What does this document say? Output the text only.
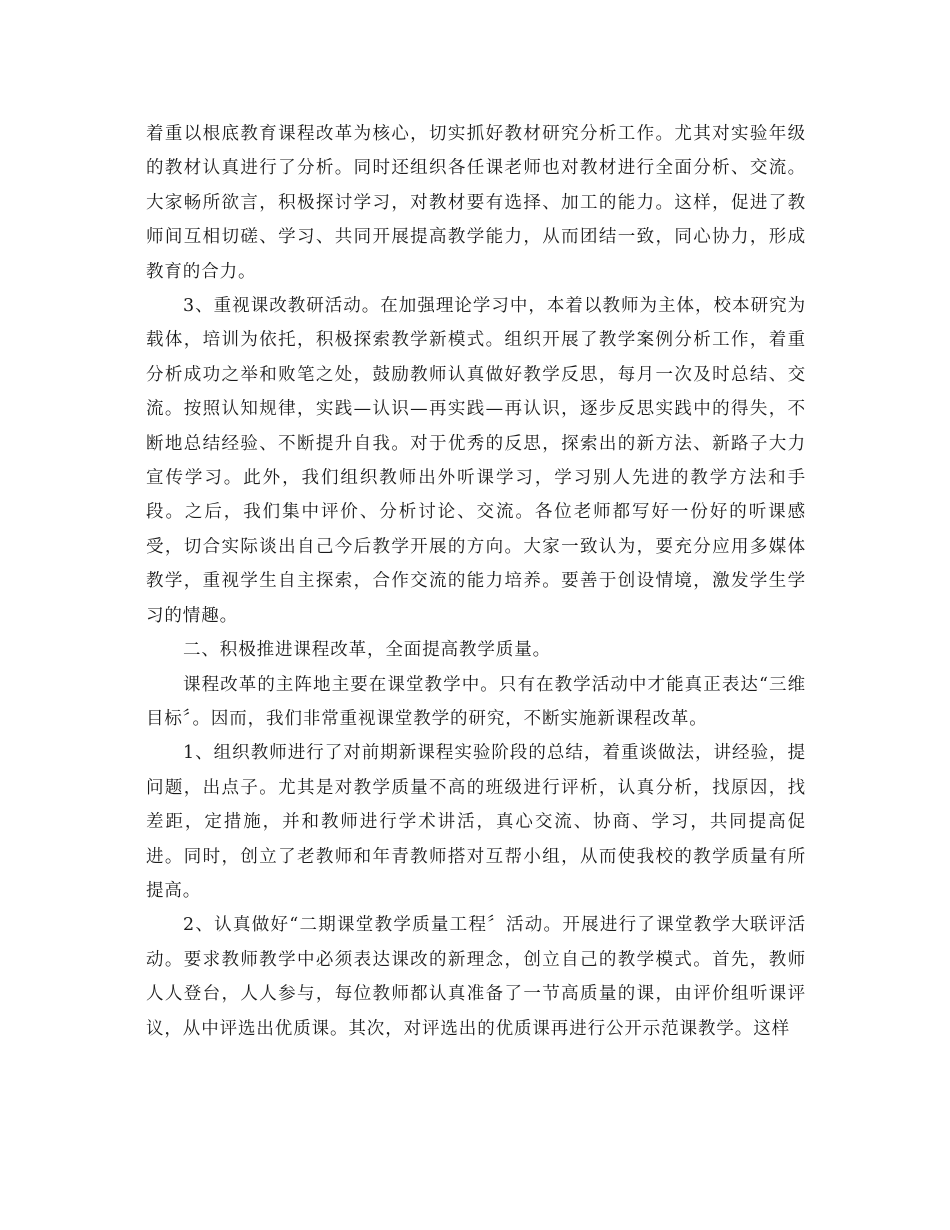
着重以根底教育课程改革为核心，切实抓好教材研究分析工作。尤其对实验年级的教材认真进行了分析。同时还组织各任课老师也对教材进行全面分析、交流。大家畅所欲言，积极探讨学习，对教材要有选择、加工的能力。这样，促进了教师间互相切磋、学习、共同开展提高教学能力，从而团结一致，同心协力，形成教育的合力。

3、重视课改教研活动。在加强理论学习中，本着以教师为主体，校本研究为载体，培训为依托，积极探索教学新模式。组织开展了教学案例分析工作，着重分析成功之举和败笔之处，鼓励教师认真做好教学反思，每月一次及时总结、交流。按照认知规律，实践—认识—再实践—再认识，逐步反思实践中的得失，不断地总结经验、不断提升自我。对于优秀的反思，探索出的新方法、新路子大力宣传学习。此外，我们组织教师出外听课学习，学习别人先进的教学方法和手段。之后，我们集中评价、分析讨论、交流。各位老师都写好一份好的听课感受，切合实际谈出自己今后教学开展的方向。大家一致认为，要充分应用多媒体教学，重视学生自主探索，合作交流的能力培养。要善于创设情境，激发学生学习的情趣。

二、积极推进课程改革，全面提高教学质量。

课程改革的主阵地主要在课堂教学中。只有在教学活动中才能真正表达“三维目标〞。因而，我们非常重视课堂教学的研究，不断实施新课程改革。

1、组织教师进行了对前期新课程实验阶段的总结，着重谈做法，讲经验，提问题，出点子。尤其是对教学质量不高的班级进行评析，认真分析，找原因，找差距，定措施，并和教师进行学术讲活，真心交流、协商、学习，共同提高促进。同时，创立了老教师和年青教师搭对互帮小组，从而使我校的教学质量有所提高。

2、认真做好“二期课堂教学质量工程〞活动。开展进行了课堂教学大联评活动。要求教师教学中必须表达课改的新理念，创立自己的教学模式。首先，教师人人登台，人人参与，每位教师都认真准备了一节高质量的课，由评价组听课评议，从中评选出优质课。其次，对评选出的优质课再进行公开示范课教学。这样
